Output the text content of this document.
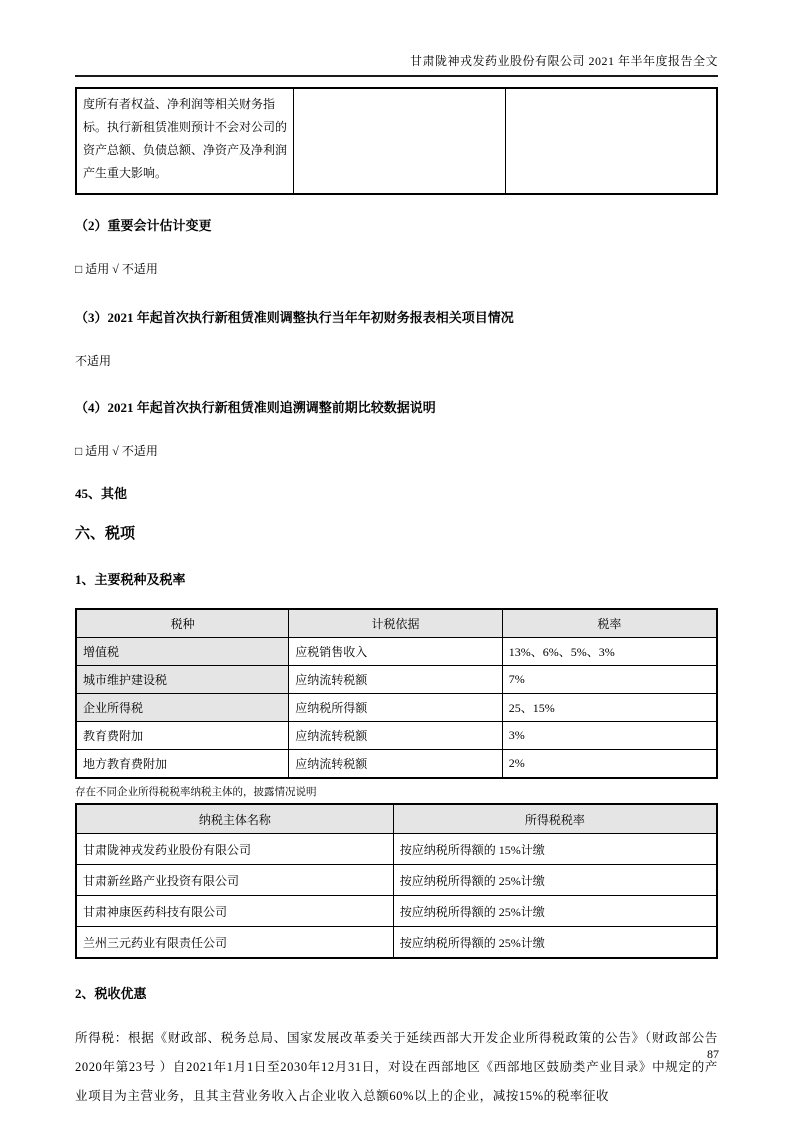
甘肃陇神戎发药业股份有限公司 2021 年半年度报告全文
度所有者权益、净利润等相关财务指标。执行新租赁准则预计不会对公司的资产总额、负债总额、净资产及净利润产生重大影响。		

（2）重要会计估计变更

□ 适用 √ 不适用

（3）2021 年起首次执行新租赁准则调整执行当年年初财务报表相关项目情况

不适用

（4）2021 年起首次执行新租赁准则追溯调整前期比较数据说明

□ 适用 √ 不适用

45、其他

六、税项

1、主要税种及税率

税种	计税依据	税率
增值税	应税销售收入	13%、6%、5%、3%
城市维护建设税	应纳流转税额	7%
企业所得税	应纳税所得额	25、15%
教育费附加	应纳流转税额	3%
地方教育费附加	应纳流转税额	2%

存在不同企业所得税税率纳税主体的，披露情况说明

纳税主体名称	所得税税率
甘肃陇神戎发药业股份有限公司	按应纳税所得额的 15%计缴
甘肃新丝路产业投资有限公司	按应纳税所得额的 25%计缴
甘肃神康医药科技有限公司	按应纳税所得额的 25%计缴
兰州三元药业有限责任公司	按应纳税所得额的 25%计缴

2、税收优惠

所得税：根据《财政部、税务总局、国家发展改革委关于延续西部大开发企业所得税政策的公告》（财政部公告2020年第23号 ）自2021年1月1日至2030年12月31日，对设在西部地区《西部地区鼓励类产业目录》中规定的产业项目为主营业务，且其主营业务收入占企业收入总额60%以上的企业，减按15%的税率征收

87
